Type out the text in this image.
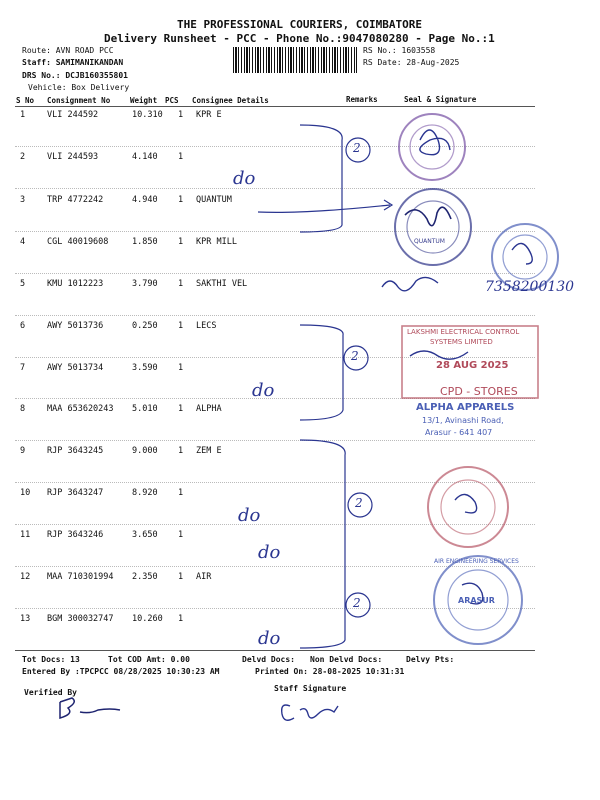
THE PROFESSIONAL COURIERS, COIMBATORE
Delivery Runsheet - PCC - Phone No.:9047080280 - Page No.:1
Route: AVN ROAD PCC
Staff: SAMIMANIKANDAN
DRS No.: DCJB160355801
Vehicle: Box Delivery
RS No.: 1603558
RS Date: 28-Aug-2025
S No Consignment No	Weight PCS Consignee Details	Remarks	Seal & Signature
1	VLI 244592	10.310 1 KPR E
2	VLI 244593	4.140 1
3	TRP 4772242	4.940 1 QUANTUM
4	CGL 40019608	1.850 1 KPR MILL
5	KMU 1012223	3.790 1 SAKTHI VEL
6	AWY 5013736	0.250 1 LECS
7	AWY 5013734	3.590 1
8	MAA 653620243 5.010 1 ALPHA
9	RJP 3643245	9.000 1 ZEM E
10 RJP 3643247	8.920 1
11 RJP 3643246	3.650 1
12 MAA 710301994 2.350 1 AIR
13 BGM 300032747 10.260 1
do
do
do
do
do
7358200130
2
2
2
2
QUANTUM
LAKSHMI ELECTRICAL CONTROL
SYSTEMS LIMITED
28 AUG 2025
CPD - STORES
ALPHA APPARELS
13/1, Avinashi Road,
Arasur - 641 407
AIR ENGINEERING SERVICES
ARASUR
Tot Docs: 13	Tot COD Amt: 0.00	Delvd Docs: Non Delvd Docs:	Delvy Pts:
Entered By :TPCPCC 08/28/2025 10:30:23 AM	Printed On: 28-08-2025 10:31:31
Verified By	Staff Signature
